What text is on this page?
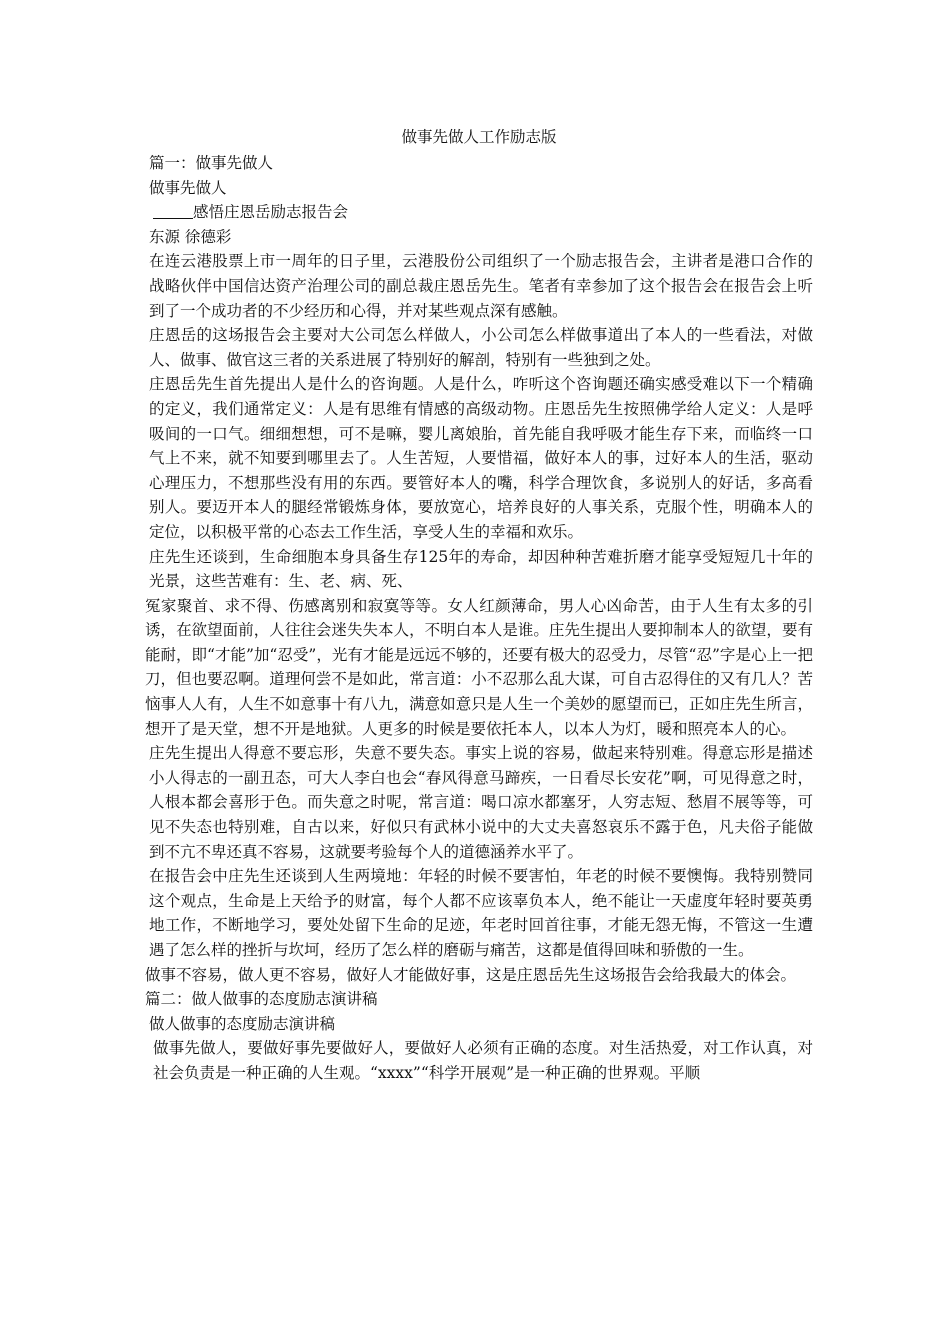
做事先做人工作励志版

篇一：做事先做人

做事先做人

感悟庄恩岳励志报告会

东源 徐德彩

在连云港股票上市一周年的日子里，云港股份公司组织了一个励志报告会，主讲者是港口合作的战略伙伴中国信达资产治理公司的副总裁庄恩岳先生。笔者有幸参加了这个报告会在报告会上听到了一个成功者的不少经历和心得，并对某些观点深有感触。

庄恩岳的这场报告会主要对大公司怎么样做人，小公司怎么样做事道出了本人的一些看法，对做人、做事、做官这三者的关系进展了特别好的解剖，特别有一些独到之处。

庄恩岳先生首先提出人是什么的咨询题。人是什么，咋听这个咨询题还确实感受难以下一个精确的定义，我们通常定义：人是有思维有情感的高级动物。庄恩岳先生按照佛学给人定义：人是呼吸间的一口气。细细想想，可不是嘛，婴儿离娘胎，首先能自我呼吸才能生存下来，而临终一口气上不来，就不知要到哪里去了。人生苦短，人要惜福，做好本人的事，过好本人的生活，驱动心理压力，不想那些没有用的东西。要管好本人的嘴，科学合理饮食，多说别人的好话，多高看别人。要迈开本人的腿经常锻炼身体，要放宽心，培养良好的人事关系，克服个性，明确本人的定位，以积极平常的心态去工作生活，享受人生的幸福和欢乐。

庄先生还谈到，生命细胞本身具备生存125年的寿命，却因种种苦难折磨才能享受短短几十年的光景，这些苦难有：生、老、病、死、

冤家聚首、求不得、伤感离别和寂寞等等。女人红颜薄命，男人心凶命苦，由于人生有太多的引诱，在欲望面前，人往往会迷失失本人，不明白本人是谁。庄先生提出人要抑制本人的欲望，要有能耐，即“才能”加“忍受”，光有才能是远远不够的，还要有极大的忍受力，尽管“忍”字是心上一把刀，但也要忍啊。道理何尝不是如此，常言道：小不忍那么乱大谋，可自古忍得住的又有几人？苦恼事人人有，人生不如意事十有八九，满意如意只是人生一个美妙的愿望而已，正如庄先生所言，想开了是天堂，想不开是地狱。人更多的时候是要依托本人，以本人为灯，暖和照亮本人的心。

庄先生提出人得意不要忘形，失意不要失态。事实上说的容易，做起来特别难。得意忘形是描述小人得志的一副丑态，可大人李白也会“春风得意马蹄疾，一日看尽长安花”啊，可见得意之时，人根本都会喜形于色。而失意之时呢，常言道：喝口凉水都塞牙，人穷志短、愁眉不展等等，可见不失态也特别难，自古以来，好似只有武林小说中的大丈夫喜怒哀乐不露于色，凡夫俗子能做到不亢不卑还真不容易，这就要考验每个人的道德涵养水平了。

在报告会中庄先生还谈到人生两境地：年轻的时候不要害怕，年老的时候不要懊悔。我特别赞同这个观点，生命是上天给予的财富，每个人都不应该辜负本人，绝不能让一天虚度年轻时要英勇地工作，不断地学习，要处处留下生命的足迹，年老时回首往事，才能无怨无悔，不管这一生遭遇了怎么样的挫折与坎坷，经历了怎么样的磨砺与痛苦，这都是值得回味和骄傲的一生。

做事不容易，做人更不容易，做好人才能做好事，这是庄恩岳先生这场报告会给我最大的体会。

篇二：做人做事的态度励志演讲稿

做人做事的态度励志演讲稿

做事先做人，要做好事先要做好人，要做好人必须有正确的态度。对生活热爱，对工作认真，对社会负责是一种正确的人生观。“xxxx”“科学开展观”是一种正确的世界观。平顺
